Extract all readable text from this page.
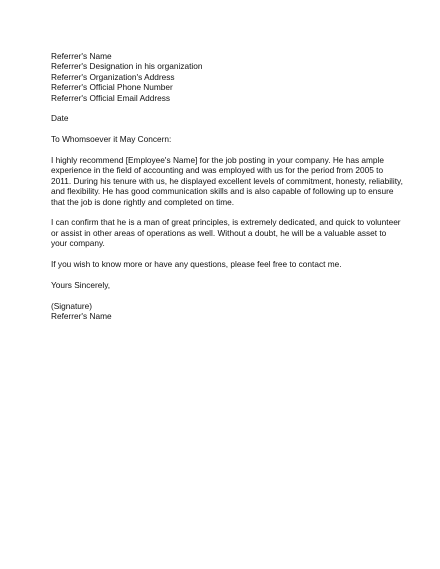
Referrer's Name
Referrer's Designation in his organization
Referrer's Organization's Address
Referrer's Official Phone Number
Referrer's Official Email Address
Date
To Whomsoever it May Concern:
I highly recommend [Employee's Name] for the job posting in your company. He has ample
experience in the field of accounting and was employed with us for the period from 2005 to
2011. During his tenure with us, he displayed excellent levels of commitment, honesty, reliability,
and flexibility. He has good communication skills and is also capable of following up to ensure
that the job is done rightly and completed on time.
I can confirm that he is a man of great principles, is extremely dedicated, and quick to volunteer
or assist in other areas of operations as well. Without a doubt, he will be a valuable asset to
your company.
If you wish to know more or have any questions, please feel free to contact me.
Yours Sincerely,
(Signature)
Referrer's Name
